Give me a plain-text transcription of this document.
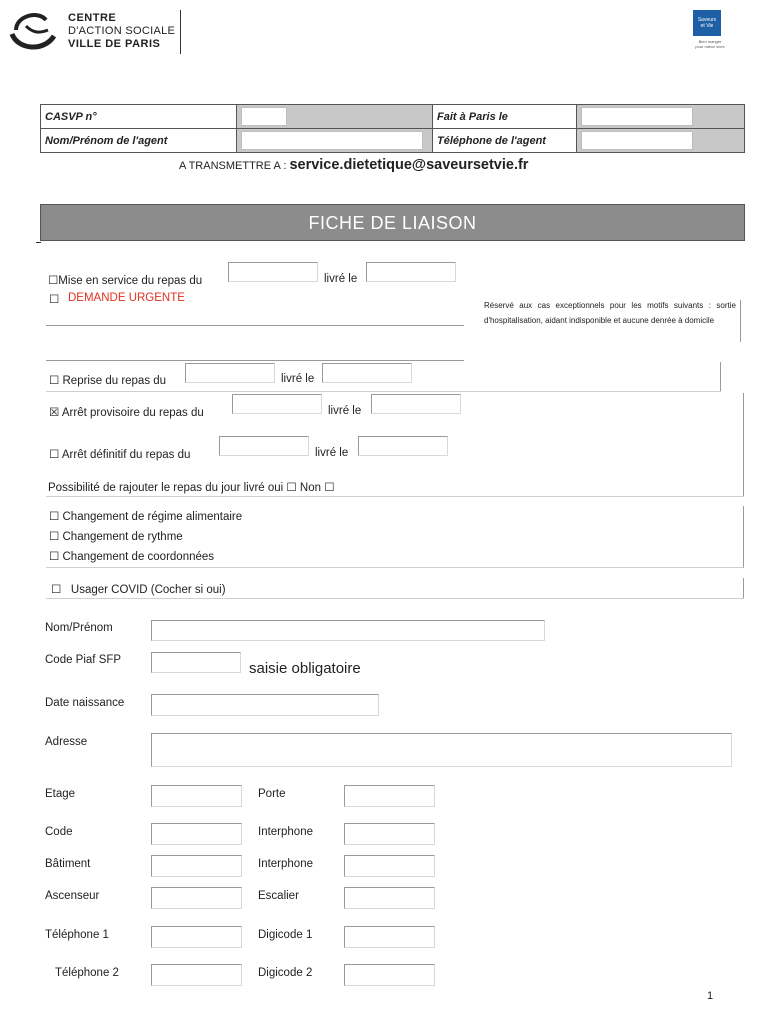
CENTRE
D'ACTION SOCIALE
VILLE DE PARIS
Saveurs
et Vie
Bien manger
pour mieux vivre
CASVP n°		Fait à Paris le	

Nom/Prénom de l'agent		Téléphone de l'agent	
A TRANSMETTRE A : service.dietetique@saveursetvie.fr
FICHE DE LIAISON
☐Mise en service du repas du	livré le
☐ DEMANDE URGENTE
Réservé aux cas exceptionnels pour les motifs suivants : sortie d'hospitalisation, aidant indisponible et aucune denrée à domicile
☐ Reprise du repas du	livré le
☒ Arrêt provisoire du repas du	livré le
☐ Arrêt définitif du repas du	livré le
Possibilité de rajouter le repas du jour livré oui ☐ Non ☐
☐ Changement de régime alimentaire
☐ Changement de rythme
☐ Changement de coordonnées
☐   Usager COVID (Cocher si oui)
Nom/Prénom
Code Piaf SFP	saisie obligatoire
Date naissance
Adresse
Etage	Porte
Code	Interphone
Bâtiment	Interphone
Ascenseur	Escalier
Téléphone 1	Digicode 1
Téléphone 2	Digicode 2
1
